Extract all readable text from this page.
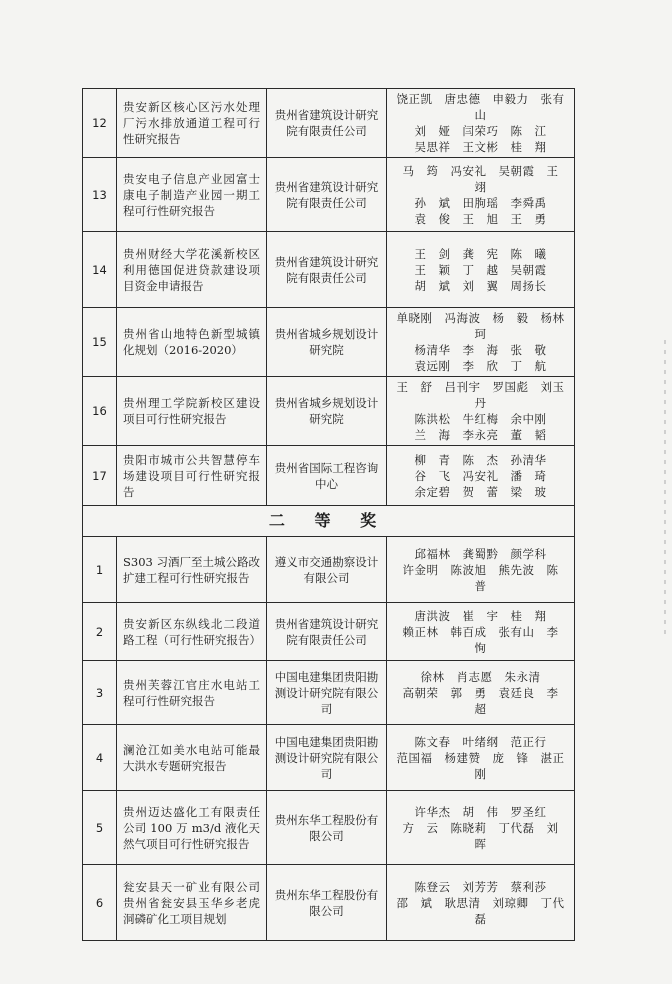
12	贵安新区核心区污水处理厂污水排放通道工程可行性研究报告	贵州省建筑设计研究院有限责任公司	饶正凯　唐忠德　申毅力　张有山
刘　娅　闫荣巧　陈　江
吴思祥　王文彬　桂　翔
13	贵安电子信息产业园富士康电子制造产业园一期工程可行性研究报告	贵州省建筑设计研究院有限责任公司	马　筠　冯安礼　吴朝霞　王　翊
孙　斌　田朐瑶　李舜禹
袁　俊　王　旭　王　勇
14	贵州财经大学花溪新校区利用德国促进贷款建设项目资金申请报告	贵州省建筑设计研究院有限责任公司	王　剑　龚　宪　陈　曦
王　颖　丁　越　吴朝霞
胡　斌　刘　翼　周扬长
15	贵州省山地特色新型城镇化规划（2016-2020）	贵州省城乡规划设计研究院	单晓刚　冯海波　杨　毅　杨林珂
杨清华　李　海　张　敬
袁远刚　李　欣　丁　航
16	贵州理工学院新校区建设项目可行性研究报告	贵州省城乡规划设计研究院	王　舒　吕刊宇　罗国彪　刘玉丹
陈洪松　牛红梅　余中刚
兰　海　李永亮　董　韬
17	贵阳市城市公共智慧停车场建设项目可行性研究报告	贵州省国际工程咨询中心	柳　青　陈　杰　孙清华
谷　飞　冯安礼　潘　琦
余定碧　贺　蕾　梁　玻
二 等 奖			
1	S303 习酒厂至土城公路改扩建工程可行性研究报告	遵义市交通勘察设计有限公司	邱福林　龚蜀黔　颜学科
许金明　陈波旭　熊先波　陈　普
2	贵安新区东纵线北二段道路工程（可行性研究报告）	贵州省建筑设计研究院有限责任公司	唐洪波　崔　宇　桂　翔
赖正林　韩百成　张有山　李　恂
3	贵州芙蓉江官庄水电站工程可行性研究报告	中国电建集团贵阳勘测设计研究院有限公司	徐林　肖志愿　朱永清
高朝荣　郭　勇　袁廷良　李　超
4	澜沧江如美水电站可能最大洪水专题研究报告	中国电建集团贵阳勘测设计研究院有限公司	陈文春　叶绪纲　范正行
范国福　杨建赞　庞　锋　湛正刚
5	贵州迈达盛化工有限责任公司 100 万 m3/d 液化天然气项目可行性研究报告	贵州东华工程股份有限公司	许华杰　胡　伟　罗圣红
方　云　陈晓莉　丁代磊　刘　晖
6	瓮安县天一矿业有限公司贵州省瓮安县玉华乡老虎洞磷矿化工项目规划	贵州东华工程股份有限公司	陈登云　刘芳芳　蔡利莎
邵　斌　耿思清　刘琼卿　丁代磊
